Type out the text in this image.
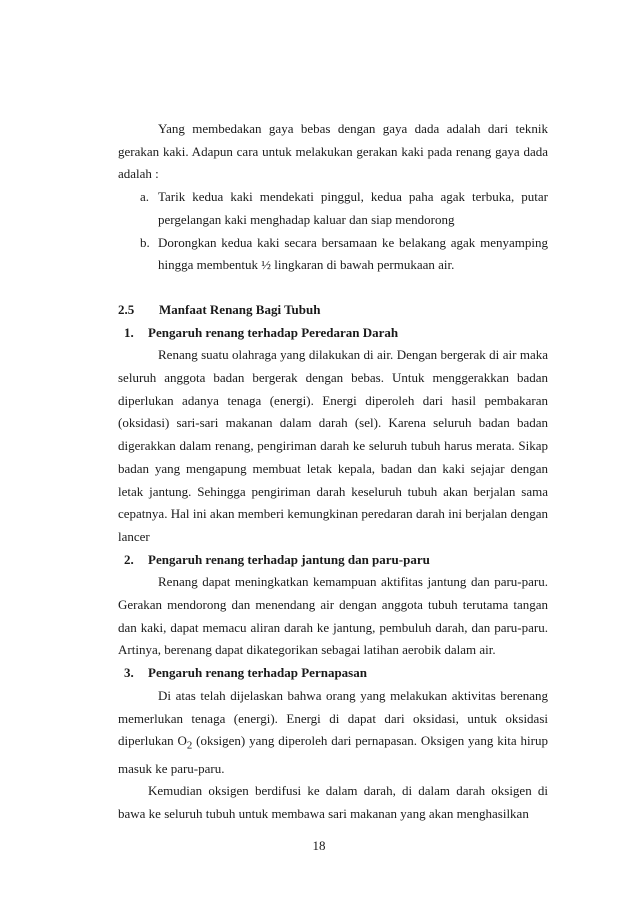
Yang membedakan gaya bebas dengan gaya dada adalah dari teknik gerakan kaki. Adapun cara untuk melakukan gerakan kaki pada renang gaya dada adalah :

a. Tarik kedua kaki mendekati pinggul, kedua paha agak terbuka, putar pergelangan kaki menghadap kaluar dan siap mendorong
b. Dorongkan kedua kaki secara bersamaan ke belakang agak menyamping hingga membentuk ½ lingkaran di bawah permukaan air.
2.5 Manfaat Renang Bagi Tubuh
1. Pengaruh renang terhadap Peredaran Darah

Renang suatu olahraga yang dilakukan di air. Dengan bergerak di air maka seluruh anggota badan bergerak dengan bebas. Untuk menggerakkan badan diperlukan adanya tenaga (energi). Energi diperoleh dari hasil pembakaran (oksidasi) sari-sari makanan dalam darah (sel). Karena seluruh badan badan digerakkan dalam renang, pengiriman darah ke seluruh tubuh harus merata. Sikap badan yang mengapung membuat letak kepala, badan dan kaki sejajar dengan letak jantung. Sehingga pengiriman darah keseluruh tubuh akan berjalan sama cepatnya. Hal ini akan memberi kemungkinan peredaran darah ini berjalan dengan lancer

2. Pengaruh renang terhadap jantung dan paru-paru

Renang dapat meningkatkan kemampuan aktifitas jantung dan paru-paru. Gerakan mendorong dan menendang air dengan anggota tubuh terutama tangan dan kaki, dapat memacu aliran darah ke jantung, pembuluh darah, dan paru-paru. Artinya, berenang dapat dikategorikan sebagai latihan aerobik dalam air.

3. Pengaruh renang terhadap Pernapasan

Di atas telah dijelaskan bahwa orang yang melakukan aktivitas berenang memerlukan tenaga (energi). Energi di dapat dari oksidasi, untuk oksidasi diperlukan $O_2$ (oksigen) yang diperoleh dari pernapasan. Oksigen yang kita hirup masuk ke paru-paru.

Kemudian oksigen berdifusi ke dalam darah, di dalam darah oksigen di bawa ke seluruh tubuh untuk membawa sari makanan yang akan menghasilkan

18
